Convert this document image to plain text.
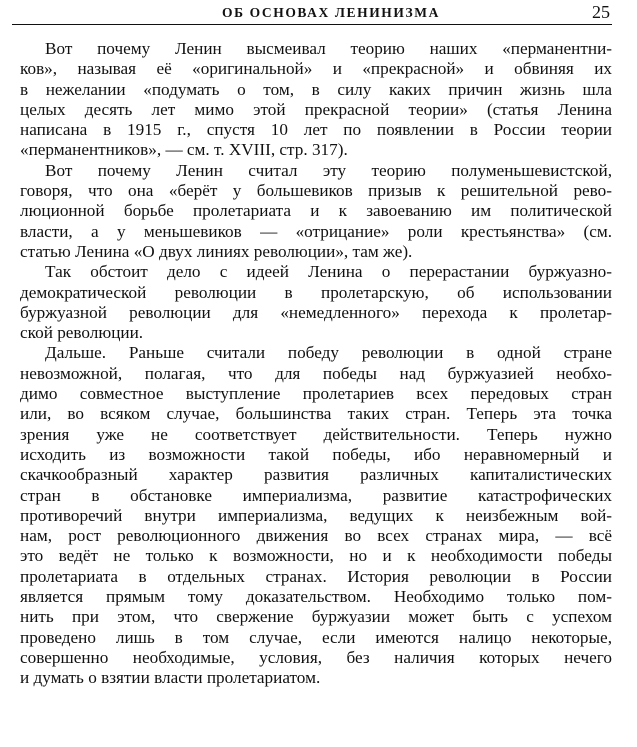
ОБ ОСНОВАХ ЛЕНИНИЗМА	25

Вот почему Ленин высмеивал теорию наших «перманентни-
ков», называя её «оригинальной» и «прекрасной» и обвиняя их
в нежелании «подумать о том, в силу каких причин жизнь шла
целых десять лет мимо этой прекрасной теории» (статья Ленина
написана в 1915 г., спустя 10 лет по появлении в России теории
«перманентников», — см. т. XVIII, стр. 317).

Вот почему Ленин считал эту теорию полуменьшевистской,
говоря, что она «берёт у большевиков призыв к решительной рево-
люционной борьбе пролетариата и к завоеванию им политической
власти, а у меньшевиков — «отрицание» роли крестьянства» (см.
статью Ленина «О двух линиях революции», там же).

Так обстоит дело с идеей Ленина о перерастании буржуазно-
демократической революции в пролетарскую, об использовании
буржуазной революции для «немедленного» перехода к пролетар-
ской революции.

Дальше. Раньше считали победу революции в одной стране
невозможной, полагая, что для победы над буржуазией необхо-
димо совместное выступление пролетариев всех передовых стран
или, во всяком случае, большинства таких стран. Теперь эта точка
зрения уже не соответствует действительности. Теперь нужно
исходить из возможности такой победы, ибо неравномерный и
скачкообразный характер развития различных капиталистических
стран в обстановке империализма, развитие катастрофических
противоречий внутри империализма, ведущих к неизбежным вой-
нам, рост революционного движения во всех странах мира, — всё
это ведёт не только к возможности, но и к необходимости победы
пролетариата в отдельных странах. История революции в России
является прямым тому доказательством. Необходимо только пом-
нить при этом, что свержение буржуазии может быть с успехом
проведено лишь в том случае, если имеются налицо некоторые,
совершенно необходимые, условия, без наличия которых нечего
и думать о взятии власти пролетариатом.
